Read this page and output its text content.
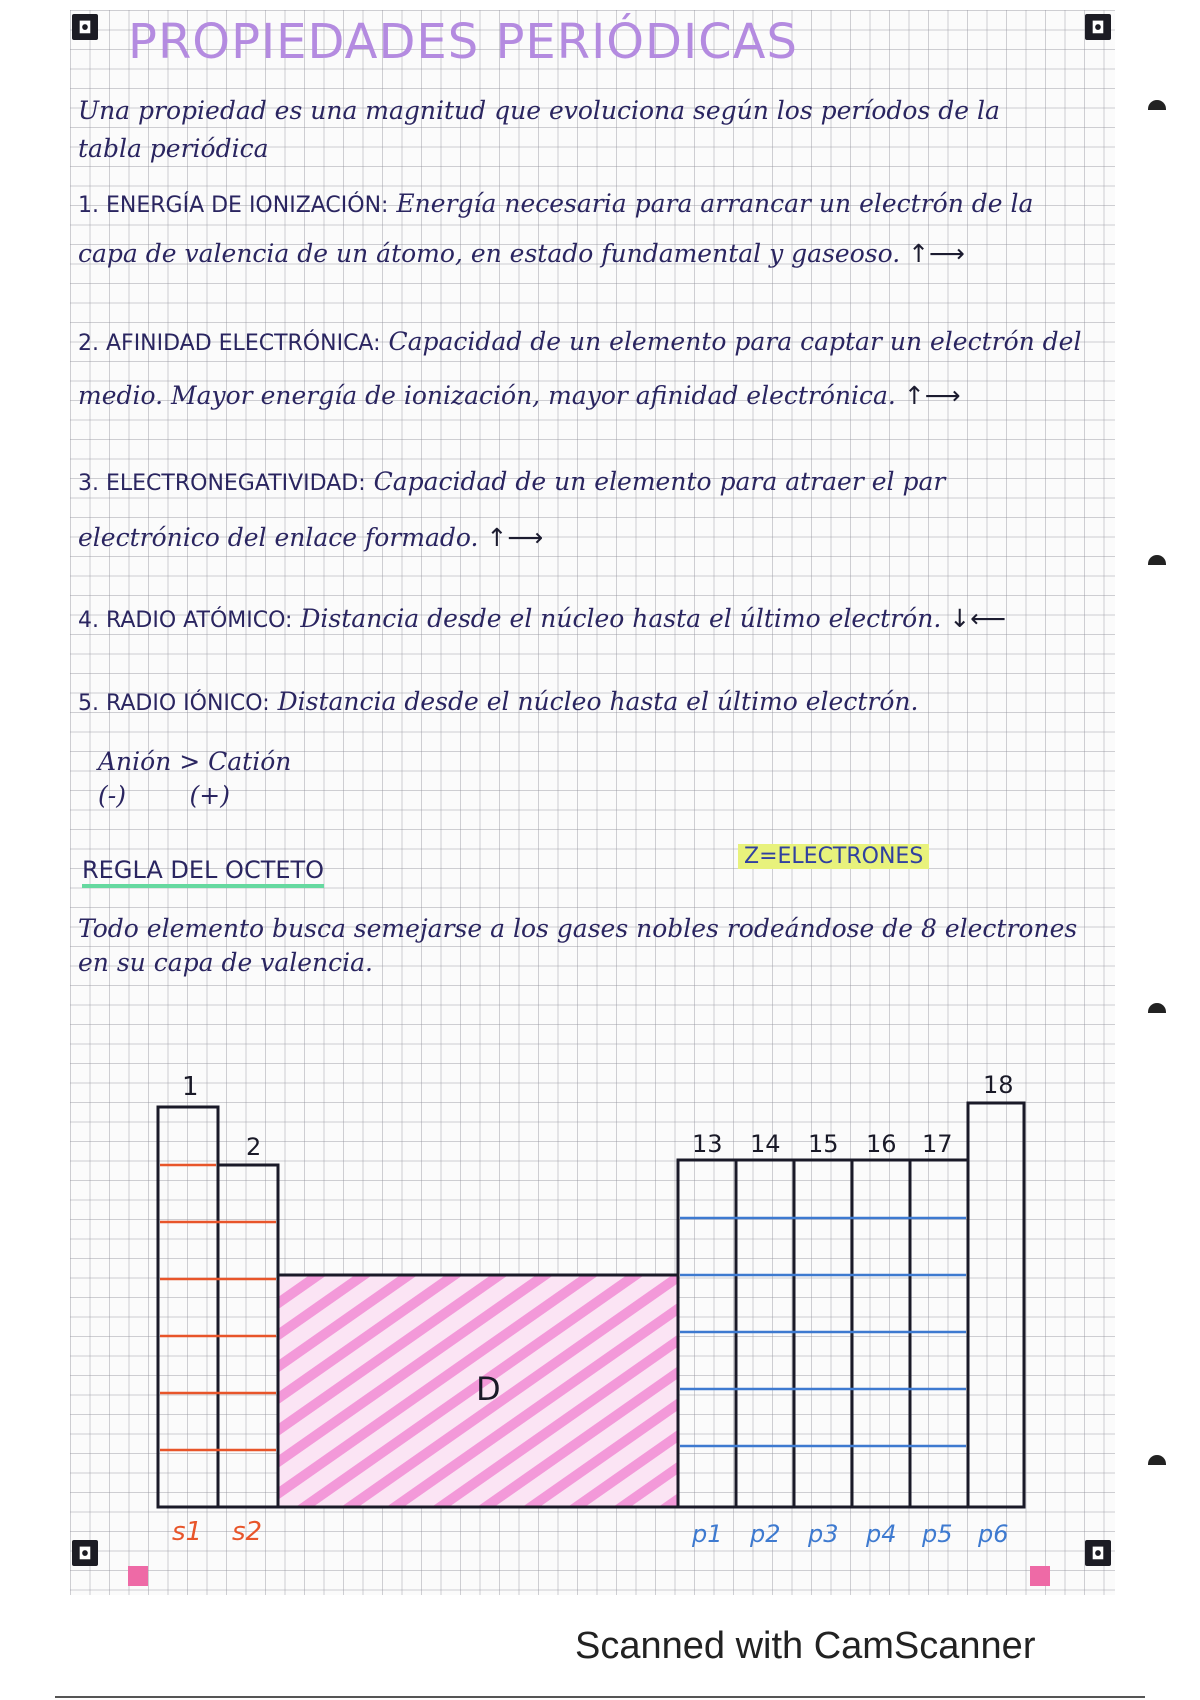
◘	◘
◘	◘
PROPIEDADES PERIÓDICAS

Una propiedad es una magnitud que evoluciona según los períodos de la tabla periódica

1. ENERGÍA DE IONIZACIÓN: Energía necesaria para arrancar un electrón de la capa de valencia de un átomo, en estado fundamental y gaseoso. ↑⟶

2. AFINIDAD ELECTRÓNICA: Capacidad de un elemento para captar un electrón del medio. Mayor energía de ionización, mayor afinidad electrónica. ↑⟶

3. ELECTRONEGATIVIDAD: Capacidad de un elemento para atraer el par electrónico del enlace formado. ↑⟶

4. RADIO ATÓMICO: Distancia desde el núcleo hasta el último electrón. ↓⟵

5. RADIO IÓNICO: Distancia desde el núcleo hasta el último electrón.

Anión > Catión
(-)        (+)

REGLA DEL OCTETO	Z=ELECTRONES

Todo elemento busca semejarse a los gases nobles rodeándose de 8 electrones en su capa de valencia.

1
2
18
13 14 15 16 17
D
s1 s2	p1 p2 p3 p4 p5 p6
Scanned with CamScanner
